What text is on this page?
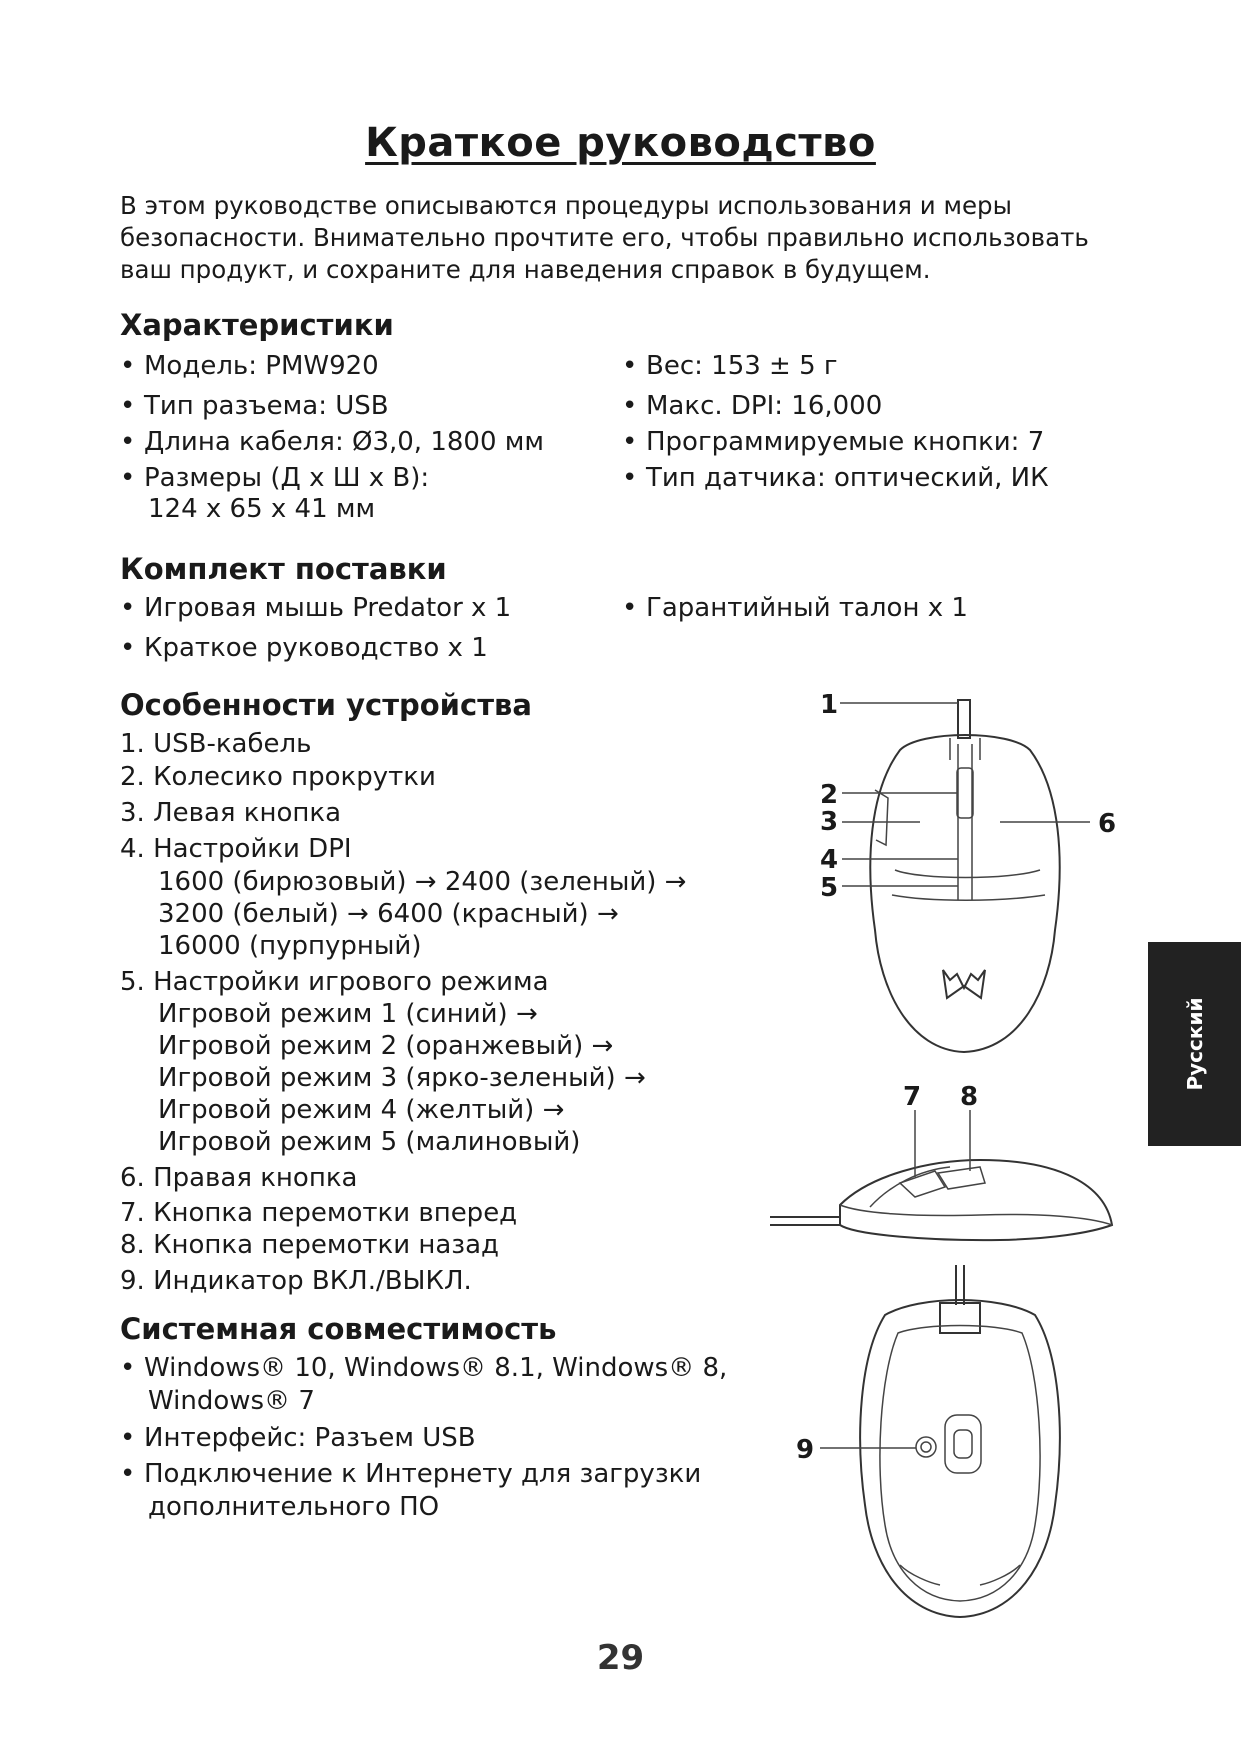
Краткое руководство
В этом руководстве описываются процедуры использования и меры
безопасности. Внимательно прочтите его, чтобы правильно использовать
ваш продукт, и сохраните для наведения справок в будущем.
Характеристики
• Модель: PMW920
• Тип разъема: USB
• Длина кабеля: Ø3,0, 1800 мм
• Размеры (Д x Ш x В):
124 x 65 x 41 мм
• Вес: 153 ± 5 г
• Макс. DPI: 16,000
• Программируемые кнопки: 7
• Тип датчика: оптический, ИК
Комплект поставки
• Игровая мышь Predator x 1
• Краткое руководство x 1
• Гарантийный талон x 1
Особенности устройства
1. USB-кабель
2. Колесико прокрутки
3. Левая кнопка
4. Настройки DPI
1600 (бирюзовый) → 2400 (зеленый) →
3200 (белый) → 6400 (красный) →
16000 (пурпурный)
5. Настройки игрового режима
Игровой режим 1 (синий) →
Игровой режим 2 (оранжевый) →
Игровой режим 3 (ярко-зеленый) →
Игровой режим 4 (желтый) →
Игровой режим 5 (малиновый)
6. Правая кнопка
7. Кнопка перемотки вперед
8. Кнопка перемотки назад
9. Индикатор ВКЛ./ВЫКЛ.
Системная совместимость
• Windows® 10, Windows® 8.1, Windows® 8,
Windows® 7
• Интерфейс: Разъем USB
• Подключение к Интернету для загрузки
дополнительного ПО
1
2
3
4
5
6
7 8
9
Русский
29
